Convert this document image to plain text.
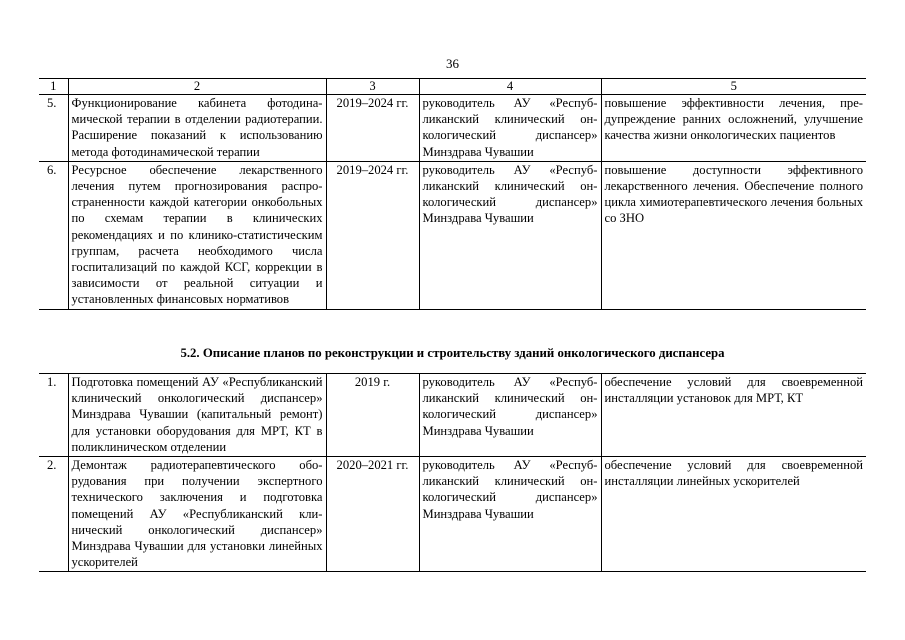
36
1	2	3	4	5
5.	Функционирование кабинета фотодинамической терапии в отделении радиотерапии. Расширение показаний к использованию метода фотодинамической терапии	2019–2024 гг.	руководитель АУ «Республиканский клинический онкологический диспансер» Минздрава Чувашии	повышение эффективности лечения, предупреждение ранних осложнений, улучшение качества жизни онкологических пациентов
6.	Ресурсное обеспечение лекарственного лечения путем прогнозирования распространенности каждой категории онкобольных по схемам терапии в клинических рекомендациях и по клинико-статистическим группам, расчета необходимого числа госпитализаций по каждой КСГ, коррекции в зависимости от реальной ситуации и установленных финансовых нормативов	2019–2024 гг.	руководитель АУ «Республиканский клинический онкологический диспансер» Минздрава Чувашии	повышение доступности эффективного лекарственного лечения. Обеспечение полного цикла химиотерапевтического лечения больных со ЗНО
5.2. Описание планов по реконструкции и строительству зданий онкологического диспансера
1.	Подготовка помещений АУ «Республиканский клинический онкологический диспансер» Минздрава Чувашии (капитальный ремонт) для установки оборудования для МРТ, КТ в поликлиническом отделении	2019 г.	руководитель АУ «Республиканский клинический онкологический диспансер» Минздрава Чувашии	обеспечение условий для своевременной инсталляции установок для МРТ, КТ
2.	Демонтаж радиотерапевтического оборудования при получении экспертного технического заключения и подготовка помещений АУ «Республиканский клинический онкологический диспансер» Минздрава Чувашии для установки линейных ускорителей	2020–2021 гг.	руководитель АУ «Республиканский клинический онкологический диспансер» Минздрава Чувашии	обеспечение условий для своевременной инсталляции линейных ускорителей
